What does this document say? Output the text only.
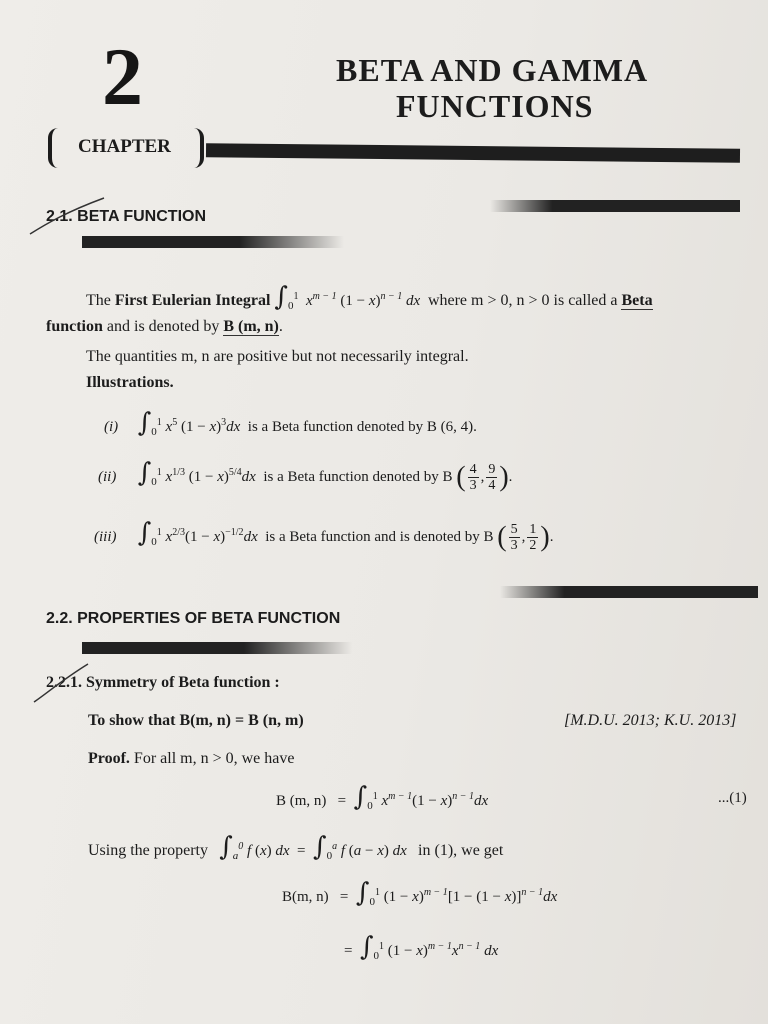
2	BETA AND GAMMA
FUNCTIONS
CHAPTER
2.1. BETA FUNCTION
The First Eulerian Integral $\int_0^1$ $x^{m - 1}$ $(1 - x)^{n - 1}$ dx where m > 0, n > 0 is called a Beta
function and is denoted by B (m, n).
The quantities m, n are positive but not necessarily integral.
Illustrations.
(i) $\int_0^1$ $x^5$ $(1 - x)^3dx$ is a Beta function denoted by B (6, 4).
(ii) $\int_0^1$ $x^{1/3}$ $(1 - x)^{5/4}dx$ is a Beta function denoted by B ( $\frac{4}{3}$ , $\frac{9}{4}$ ).
(iii) $\int_0^1$ $x^{2/3}(1 - x)^{-1/2}dx$ is a Beta function and is denoted by B ( $\frac{5}{3}$ , $\frac{1}{2}$ ).
2.2. PROPERTIES OF BETA FUNCTION
2.2.1. Symmetry of Beta function :
To show that B(m, n) = B (n, m)	[M.D.U. 2013; K.U. 2013]
Proof. For all m, n > 0, we have
B (m, $n) = \int_0^1$ $x^{m - 1}(1 - x)^{n - 1}dx$	...(1)
Using the property $\int_a^0$ f (x) dx  =  $\int_0^a$ f (a − x) dx in (1), we get
B(m, $n) = \int_0^1$ $(1 - x)^{m - 1}[1 - (1 - x)]^{n - 1}dx$
=  $\int_0^1$ $(1 - x)^{m - 1}x^{n - 1}$ dx
